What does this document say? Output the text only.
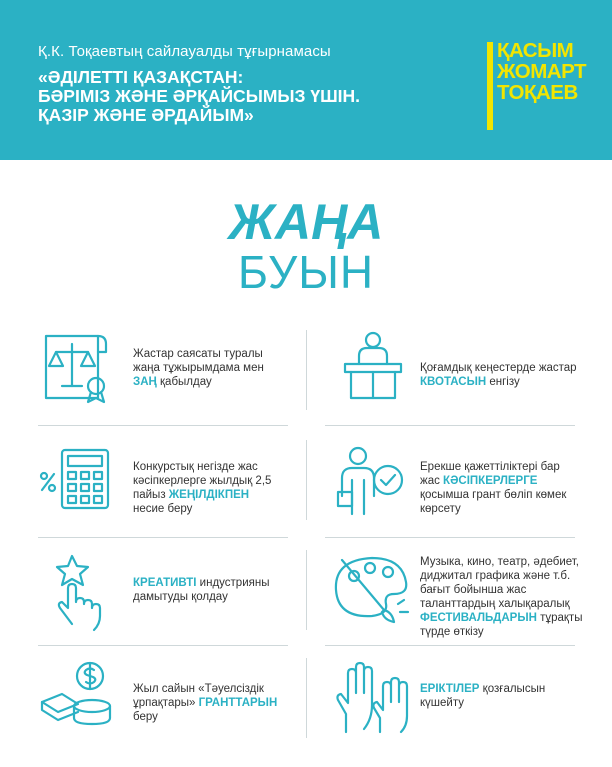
Қ.К. Тоқаевтың сайлауалды тұғырнамасы
«ӘДІЛЕТТІ ҚАЗАҚСТАН:
БӘРІМІЗ ЖӘНЕ ӘРҚАЙСЫМЫЗ ҮШІН.
ҚАЗІР ЖӘНЕ ӘРДАЙЫМ»
ҚАСЫМ
ЖОМАРТ
ТОҚАЕВ
ЖАҢА
БУЫН
Жастар саясаты туралы жаңа тұжырымдама мен ЗАҢ қабылдау
Қоғамдық кеңестерде жастар КВОТАСЫН енгізу
Конкурстық негізде жас кәсіпкерлерге жылдық 2,5 пайыз ЖЕҢІЛДІКПЕН несие беру
Ерекше қажеттіліктері бар жас КӘСІПКЕРЛЕРГЕ қосымша грант бөліп көмек көрсету
КРЕАТИВТІ индустрияны дамытуды қолдау
Музыка, кино, театр, әдебиет, диджитал графика және т.б. бағыт бойынша жас таланттардың халықаралық ФЕСТИВАЛЬДАРЫН тұрақты түрде өткізу
Жыл сайын «Тәуелсіздік ұрпақтары» ГРАНТТАРЫН беру
ЕРІКТІЛЕР қозғалысын күшейту
